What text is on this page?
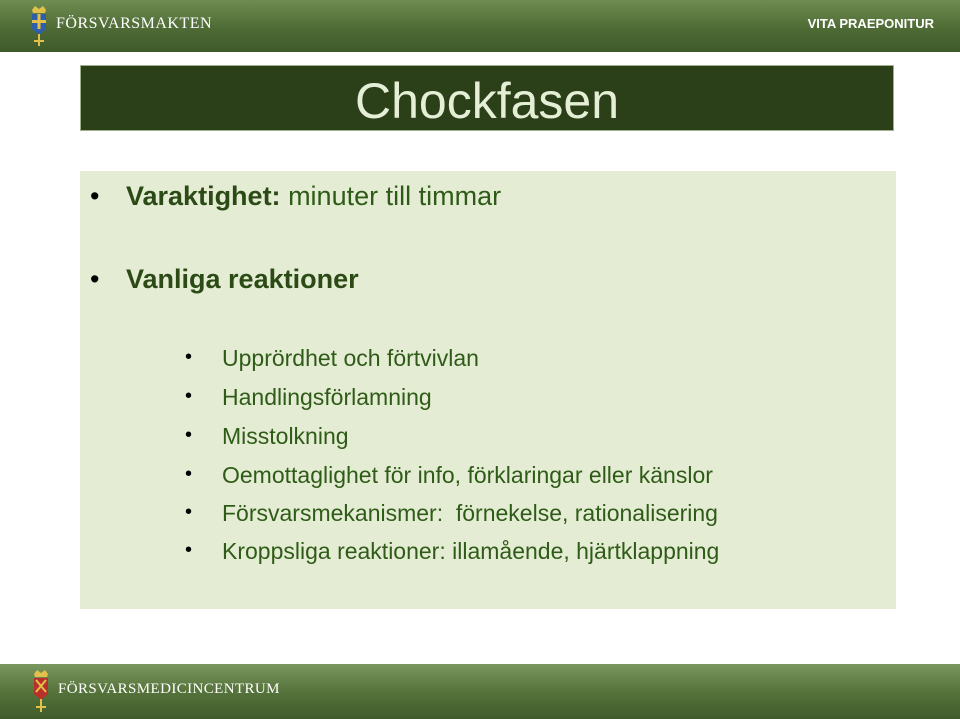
FÖRSVARSMAKTEN	VITA PRAEPONITUR
Chockfasen
• Varaktighet: minuter till timmar
• Vanliga reaktioner
• Upprördhet och förtvivlan
• Handlingsförlamning
• Misstolkning
• Oemottaglighet för info, förklaringar eller känslor
• Försvarsmekanismer:  förnekelse, rationalisering
• Kroppsliga reaktioner: illamående, hjärtklappning
FÖRSVARSMEDICINCENTRUM
